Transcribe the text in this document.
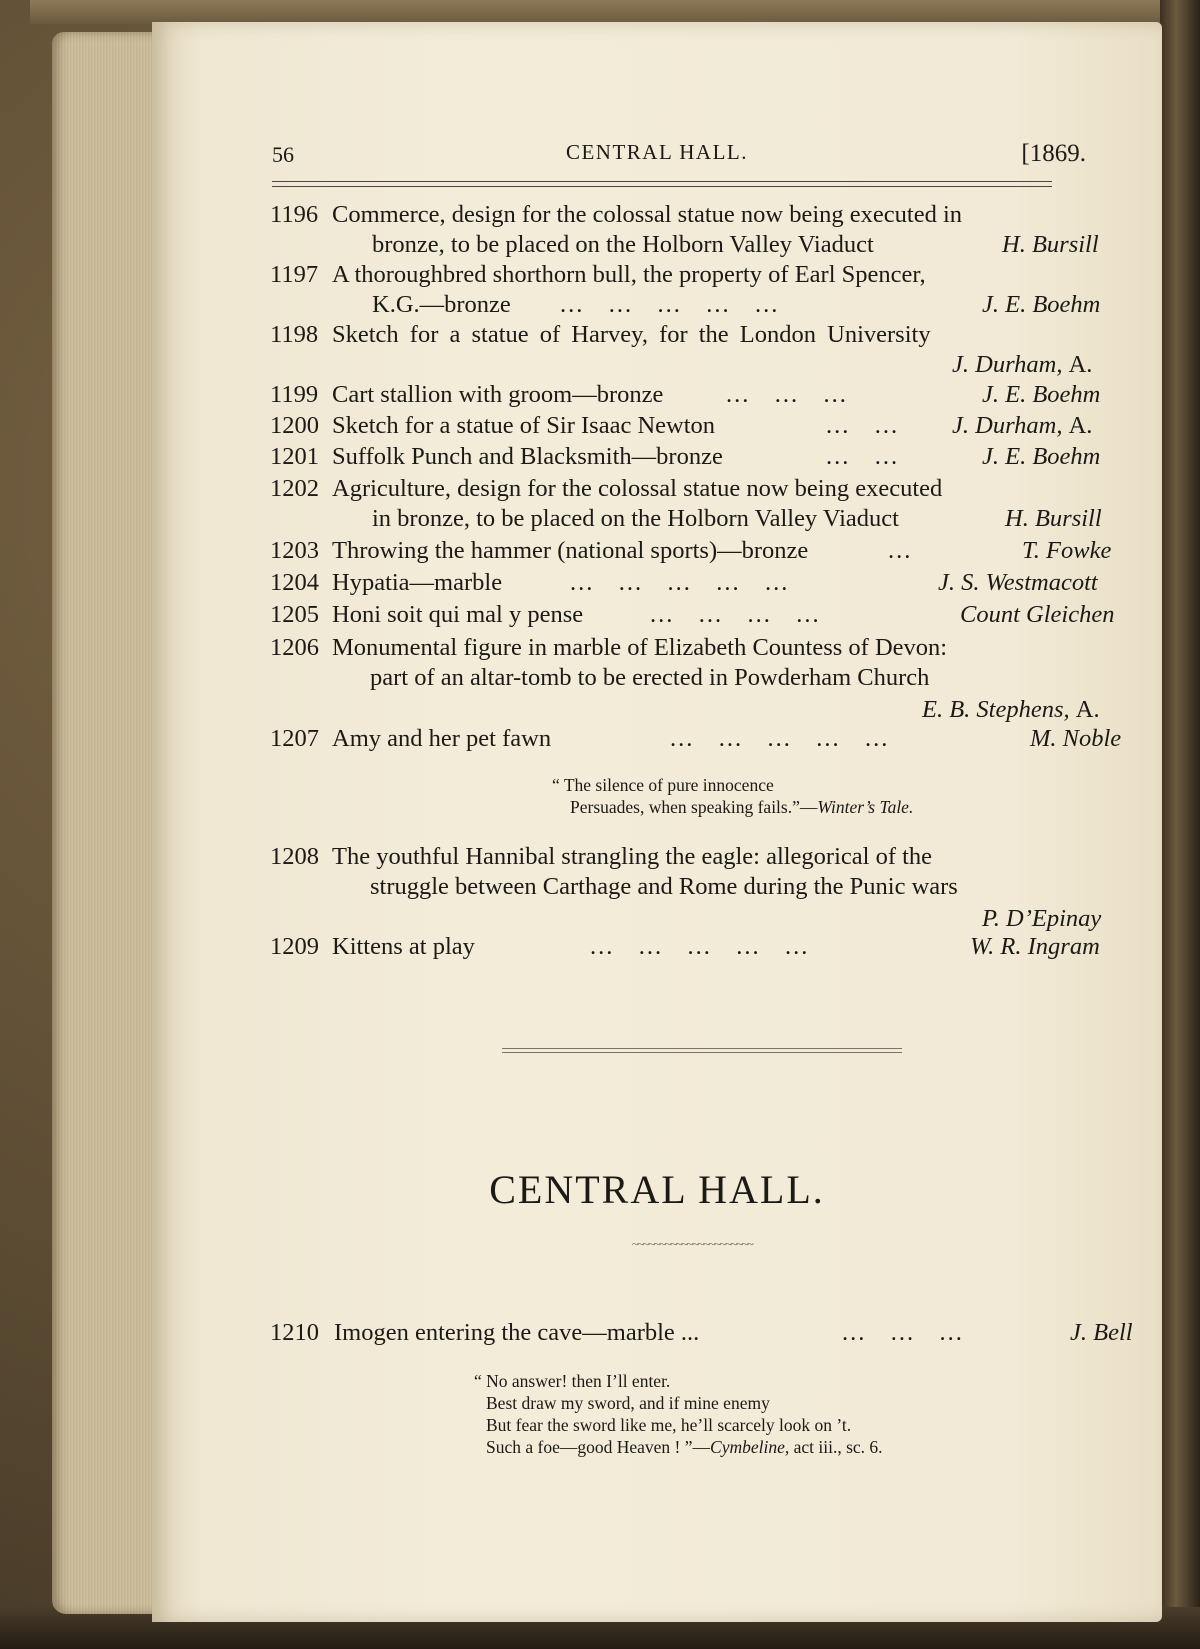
56	CENTRAL HALL.	[1869.
1196 Commerce, design for the colossal statue now being executed in
bronze, to be placed on the Holborn Valley Viaduct	H. Bursill
1197 A thoroughbred shorthorn bull, the property of Earl Spencer,
K.G.—bronze ...   ...   ...   ...   ...	J. E. Boehm
1198 Sketch for a statue of Harvey, for the London University
J. Durham, A.
1199 Cart stallion with groom—bronze	...   ...   ...	J. E. Boehm
1200 Sketch for a statue of Sir Isaac Newton	...   ... J. Durham, A.
1201 Suffolk Punch and Blacksmith—bronze	...   ...	J. E. Boehm
1202 Agriculture, design for the colossal statue now being executed
in bronze, to be placed on the Holborn Valley Viaduct	H. Bursill
1203 Throwing the hammer (national sports)—bronze	...	T. Fowke
1204 Hypatia—marble	...   ...   ...   ...   ...	J. S. Westmacott
1205 Honi soit qui mal y pense	...   ...   ...   ...	Count Gleichen
1206 Monumental figure in marble of Elizabeth Countess of Devon:
part of an altar-tomb to be erected in Powderham Church
E. B. Stephens, A.
1207 Amy and her pet fawn	...   ...   ...   ...   ...	M. Noble
“ The silence of pure innocence
Persuades, when speaking fails.”—Winter’s Tale.
1208 The youthful Hannibal strangling the eagle: allegorical of the
struggle between Carthage and Rome during the Punic wars
P. D’Epinay
1209 Kittens at play	...   ...   ...   ...   ...	W. R. Ingram
CENTRAL HALL.
~~~~~~~~~~~~~~~~~~~~~~
1210 Imogen entering the cave—marble ...	...   ...   ...	J. Bell
“ No answer! then I’ll enter.
Best draw my sword, and if mine enemy
But fear the sword like me, he’ll scarcely look on ’t.
Such a foe—good Heaven ! ”—Cymbeline, act iii., sc. 6.
